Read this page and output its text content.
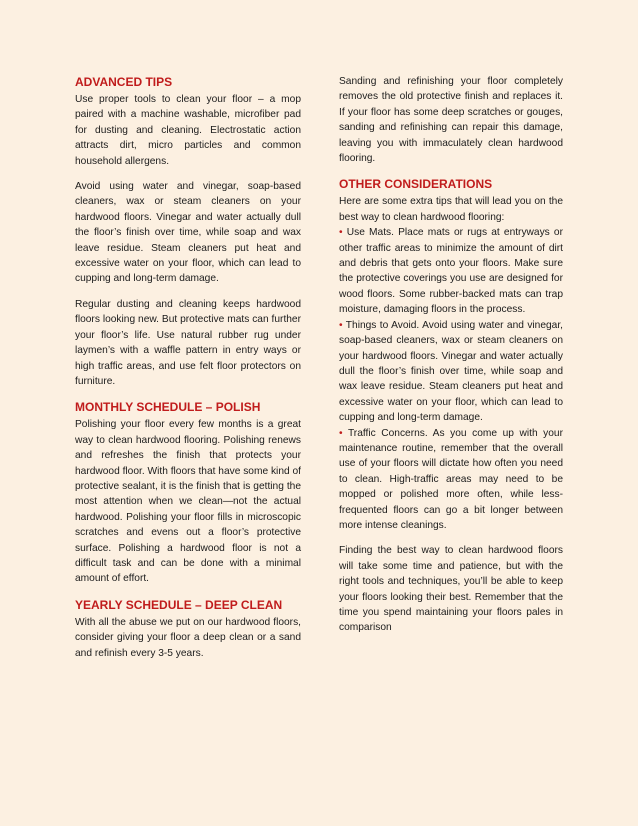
ADVANCED TIPS

Use proper tools to clean your floor – a mop paired with a machine washable, microfiber pad for dusting and cleaning. Electrostatic action attracts dirt, micro particles and common household allergens.

Avoid using water and vinegar, soap-based cleaners, wax or steam cleaners on your hardwood floors. Vinegar and water actually dull the floor’s finish over time, while soap and wax leave residue. Steam cleaners put heat and excessive water on your floor, which can lead to cupping and long-term damage.

Regular dusting and cleaning keeps hardwood floors looking new. But protective mats can further your floor’s life. Use natural rubber rug under laymen’s with a waffle pattern in entry ways or high traffic areas, and use felt floor protectors on furniture.

MONTHLY SCHEDULE – POLISH

Polishing your floor every few months is a great way to clean hardwood flooring. Polishing renews and refreshes the finish that protects your hardwood floor. With floors that have some kind of protective sealant, it is the finish that is getting the most attention when we clean—not the actual hardwood. Polishing your floor fills in microscopic scratches and evens out a floor’s protective surface. Polishing a hardwood floor is not a difficult task and can be done with a minimal amount of effort.

YEARLY SCHEDULE – DEEP CLEAN

With all the abuse we put on our hardwood floors, consider giving your floor a deep clean or a sand and refinish every 3-5 years.

Sanding and refinishing your floor completely removes the old protective finish and replaces it. If your floor has some deep scratches or gouges, sanding and refinishing can repair this damage, leaving you with immaculately clean hardwood flooring.

OTHER CONSIDERATIONS

Here are some extra tips that will lead you on the best way to clean hardwood flooring:

• Use Mats. Place mats or rugs at entryways or other traffic areas to minimize the amount of dirt and debris that gets onto your floors. Make sure the protective coverings you use are designed for wood floors. Some rubber-backed mats can trap moisture, damaging floors in the process.

• Things to Avoid. Avoid using water and vinegar, soap-based cleaners, wax or steam cleaners on your hardwood floors. Vinegar and water actually dull the floor’s finish over time, while soap and wax leave residue. Steam cleaners put heat and excessive water on your floor, which can lead to cupping and long-term damage.

• Traffic Concerns. As you come up with your maintenance routine, remember that the overall use of your floors will dictate how often you need to clean. High-traffic areas may need to be mopped or polished more often, while less-frequented floors can go a bit longer between more intense cleanings.

Finding the best way to clean hardwood floors will take some time and patience, but with the right tools and techniques, you’ll be able to keep your floors looking their best. Remember that the time you spend maintaining your floors pales in comparison
